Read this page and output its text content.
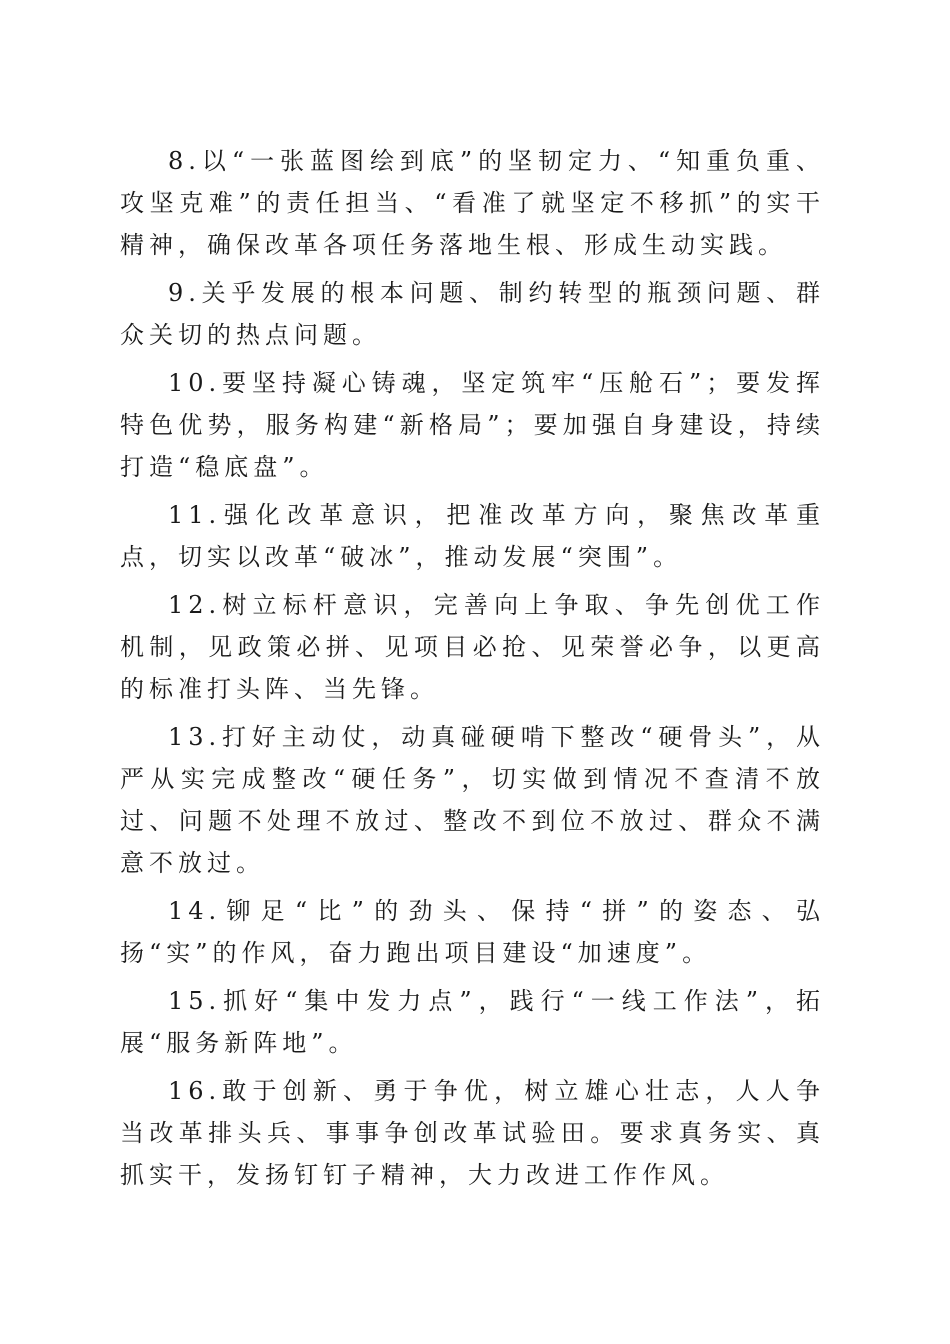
8.以“一张蓝图绘到底”的坚韧定力、“知重负重、攻坚克难”的责任担当、“看准了就坚定不移抓”的实干精神，确保改革各项任务落地生根、形成生动实践。

9.关乎发展的根本问题、制约转型的瓶颈问题、群众关切的热点问题。

10.要坚持凝心铸魂，坚定筑牢“压舱石”；要发挥特色优势，服务构建“新格局”；要加强自身建设，持续打造“稳底盘”。

11.强化改革意识，把准改革方向，聚焦改革重点，切实以改革“破冰”，推动发展“突围”。

12.树立标杆意识，完善向上争取、争先创优工作机制，见政策必拼、见项目必抢、见荣誉必争，以更高的标准打头阵、当先锋。

13.打好主动仗，动真碰硬啃下整改“硬骨头”，从严从实完成整改“硬任务”，切实做到情况不查清不放过、问题不处理不放过、整改不到位不放过、群众不满意不放过。

14.铆足“比”的劲头、保持“拼”的姿态、弘扬“实”的作风，奋力跑出项目建设“加速度”。

15.抓好“集中发力点”，践行“一线工作法”，拓展“服务新阵地”。

16.敢于创新、勇于争优，树立雄心壮志，人人争当改革排头兵、事事争创改革试验田。要求真务实、真抓实干，发扬钉钉子精神，大力改进工作作风。
